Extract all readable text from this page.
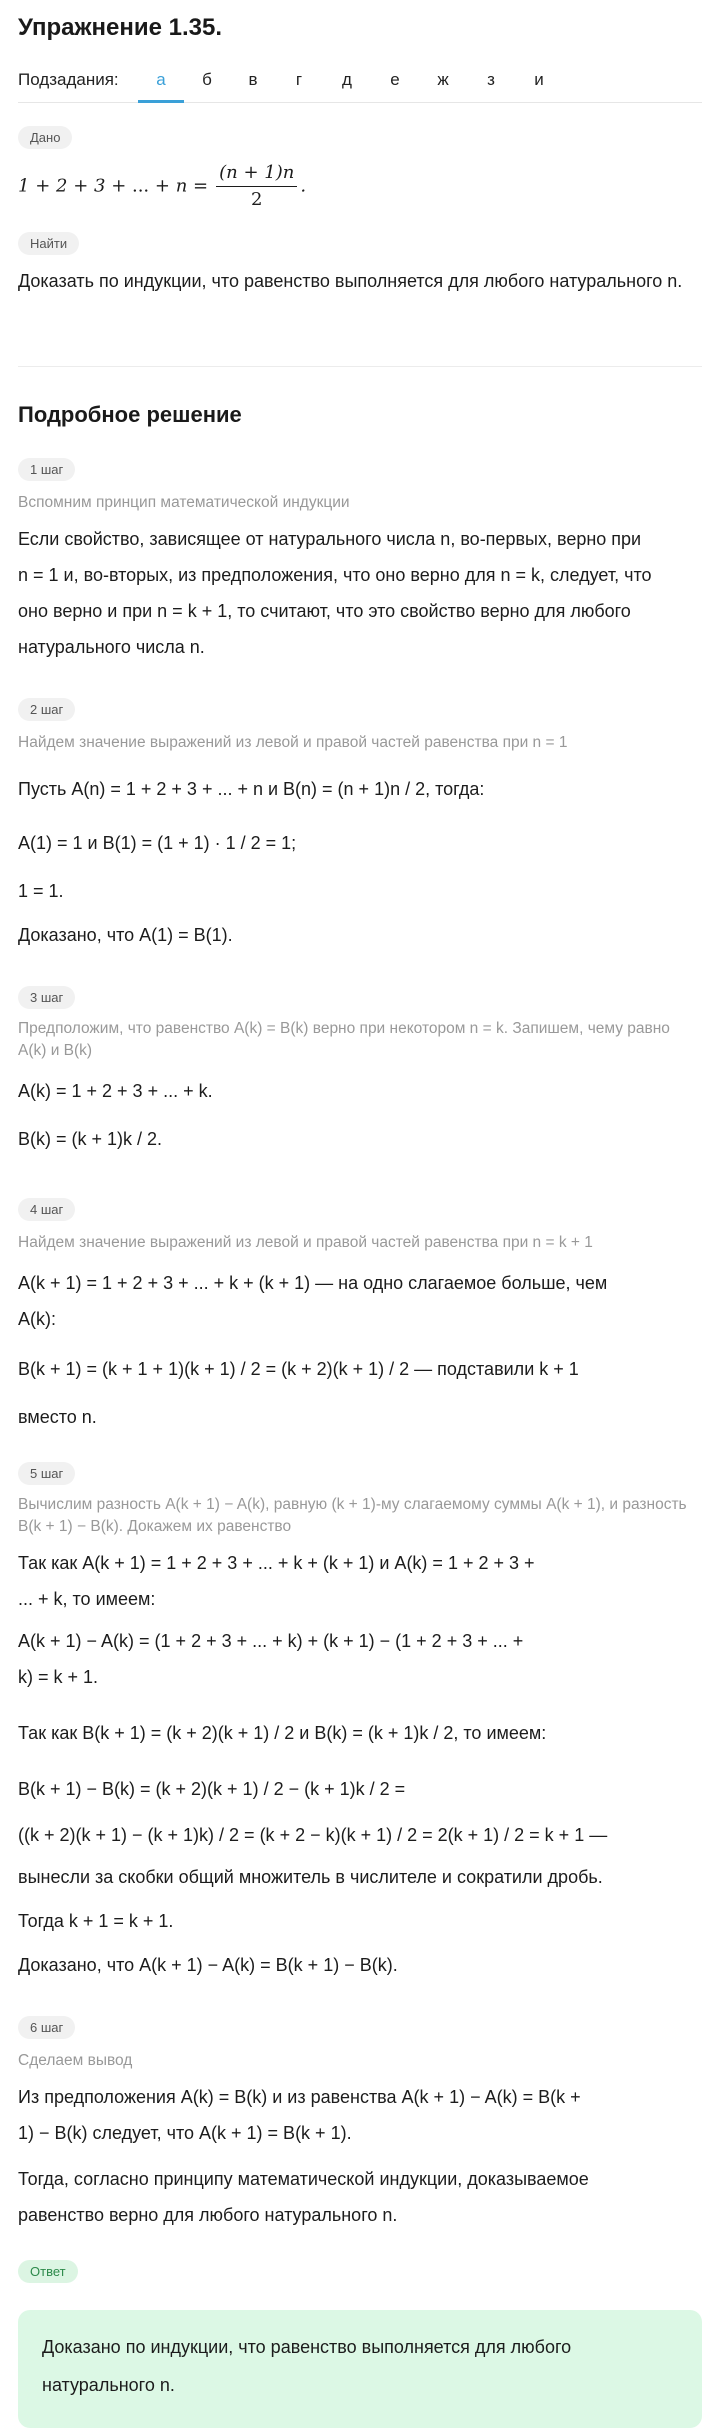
Упражнение 1.35.
Подзадания:	а	б	в	г	д	е	ж	з	и
Дано
1 + 2 + 3 + ... + $n = \frac{(n + 1)n}{2}$ .
Найти
Доказать по индукции, что равенство выполняется для любого натурального n.
Подробное решение
1 шаг
Вспомним принцип математической индукции
Если свойство, зависящее от натурального числа n, во-первых, верно при
n = 1 и, во-вторых, из предположения, что оно верно для n = k, следует, что
оно верно и при n = k + 1, то считают, что это свойство верно для любого
натурального числа n.
2 шаг
Найдем значение выражений из левой и правой частей равенства при n = 1
Пусть A(n) = 1 + 2 + 3 + ... + n и B(n) = (n + 1)n / 2, тогда:
A(1) = 1 и B(1) = (1 + 1) · 1 / 2 = 1;
1 = 1.
Доказано, что A(1) = B(1).
3 шаг
Предположим, что равенство A(k) = B(k) верно при некотором n = k. Запишем, чему равно A(k) и B(k)
A(k) = 1 + 2 + 3 + ... + k.
B(k) = (k + 1)k / 2.
4 шаг
Найдем значение выражений из левой и правой частей равенства при n = k + 1
A(k + 1) = 1 + 2 + 3 + ... + k + (k + 1) — на одно слагаемое больше, чем
A(k):
B(k + 1) = (k + 1 + 1)(k + 1) / 2 = (k + 2)(k + 1) / 2 — подставили k + 1
вместо n.
5 шаг
Вычислим разность A(k + 1) − A(k), равную (k + 1)-му слагаемому суммы A(k + 1), и разность B(k + 1) − B(k). Докажем их равенство
Так как A(k + 1) = 1 + 2 + 3 + ... + k + (k + 1) и A(k) = 1 + 2 + 3 +
... + k, то имеем:
A(k + 1) − A(k) = (1 + 2 + 3 + ... + k) + (k + 1) − (1 + 2 + 3 + ... +
k) = k + 1.
Так как B(k + 1) = (k + 2)(k + 1) / 2 и B(k) = (k + 1)k / 2, то имеем:
B(k + 1) − B(k) = (k + 2)(k + 1) / 2 − (k + 1)k / 2 =
((k + 2)(k + 1) − (k + 1)k) / 2 = (k + 2 − k)(k + 1) / 2 = 2(k + 1) / 2 = k + 1 —
вынесли за скобки общий множитель в числителе и сократили дробь.
Тогда k + 1 = k + 1.
Доказано, что A(k + 1) − A(k) = B(k + 1) − B(k).
6 шаг
Сделаем вывод
Из предположения A(k) = B(k) и из равенства A(k + 1) − A(k) = B(k +
1) − B(k) следует, что A(k + 1) = B(k + 1).
Тогда, согласно принципу математической индукции, доказываемое
равенство верно для любого натурального n.
Ответ
Доказано по индукции, что равенство выполняется для любого
натурального n.
